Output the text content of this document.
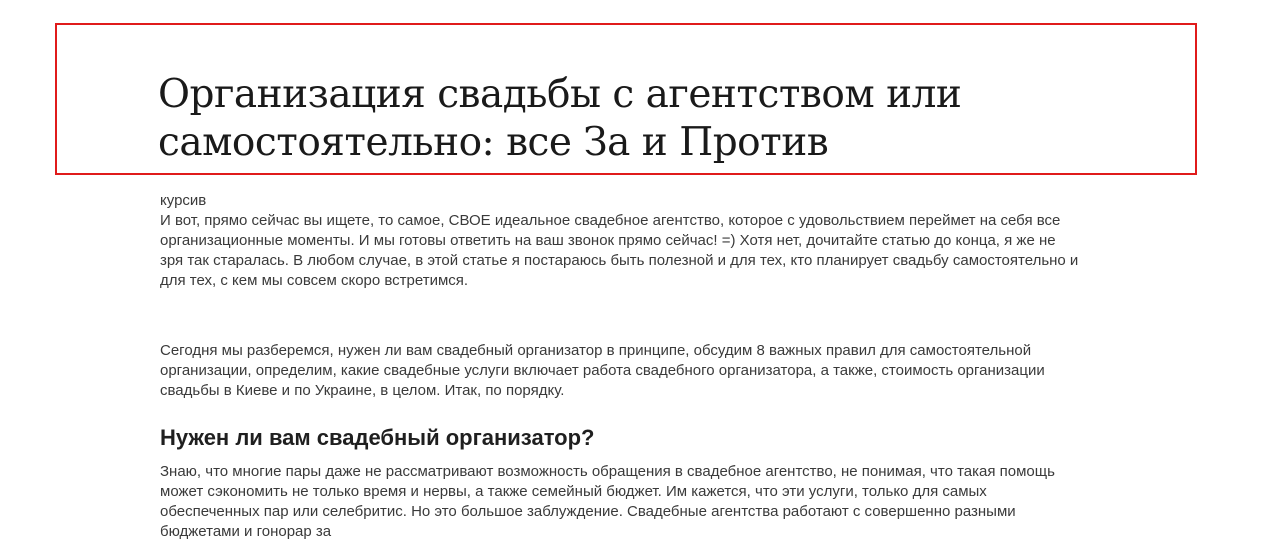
Организация свадьбы с агентством или самостоятельно: все За и Против

курсив

И вот, прямо сейчас вы ищете, то самое, СВОЕ идеальное свадебное агентство, которое с удовольствием переймет на себя все организационные моменты. И мы готовы ответить на ваш звонок прямо сейчас! =) Хотя нет, дочитайте статью до конца, я же не зря так старалась. В любом случае, в этой статье я постараюсь быть полезной и для тех, кто планирует свадьбу самостоятельно и для тех, с кем мы совсем скоро встретимся.

Сегодня мы разберемся, нужен ли вам свадебный организатор в принципе, обсудим 8 важных правил для самостоятельной организации, определим, какие свадебные услуги включает работа свадебного организатора, а также, стоимость организации свадьбы в Киеве и по Украине, в целом. Итак, по порядку.

Нужен ли вам свадебный организатор?

Знаю, что многие пары даже не рассматривают возможность обращения в свадебное агентство, не понимая, что такая помощь может сэкономить не только время и нервы, а также семейный бюджет. Им кажется, что эти услуги, только для самых обеспеченных пар или селебритис. Но это большое заблуждение. Свадебные агентства работают с совершенно разными бюджетами и гонорар за
